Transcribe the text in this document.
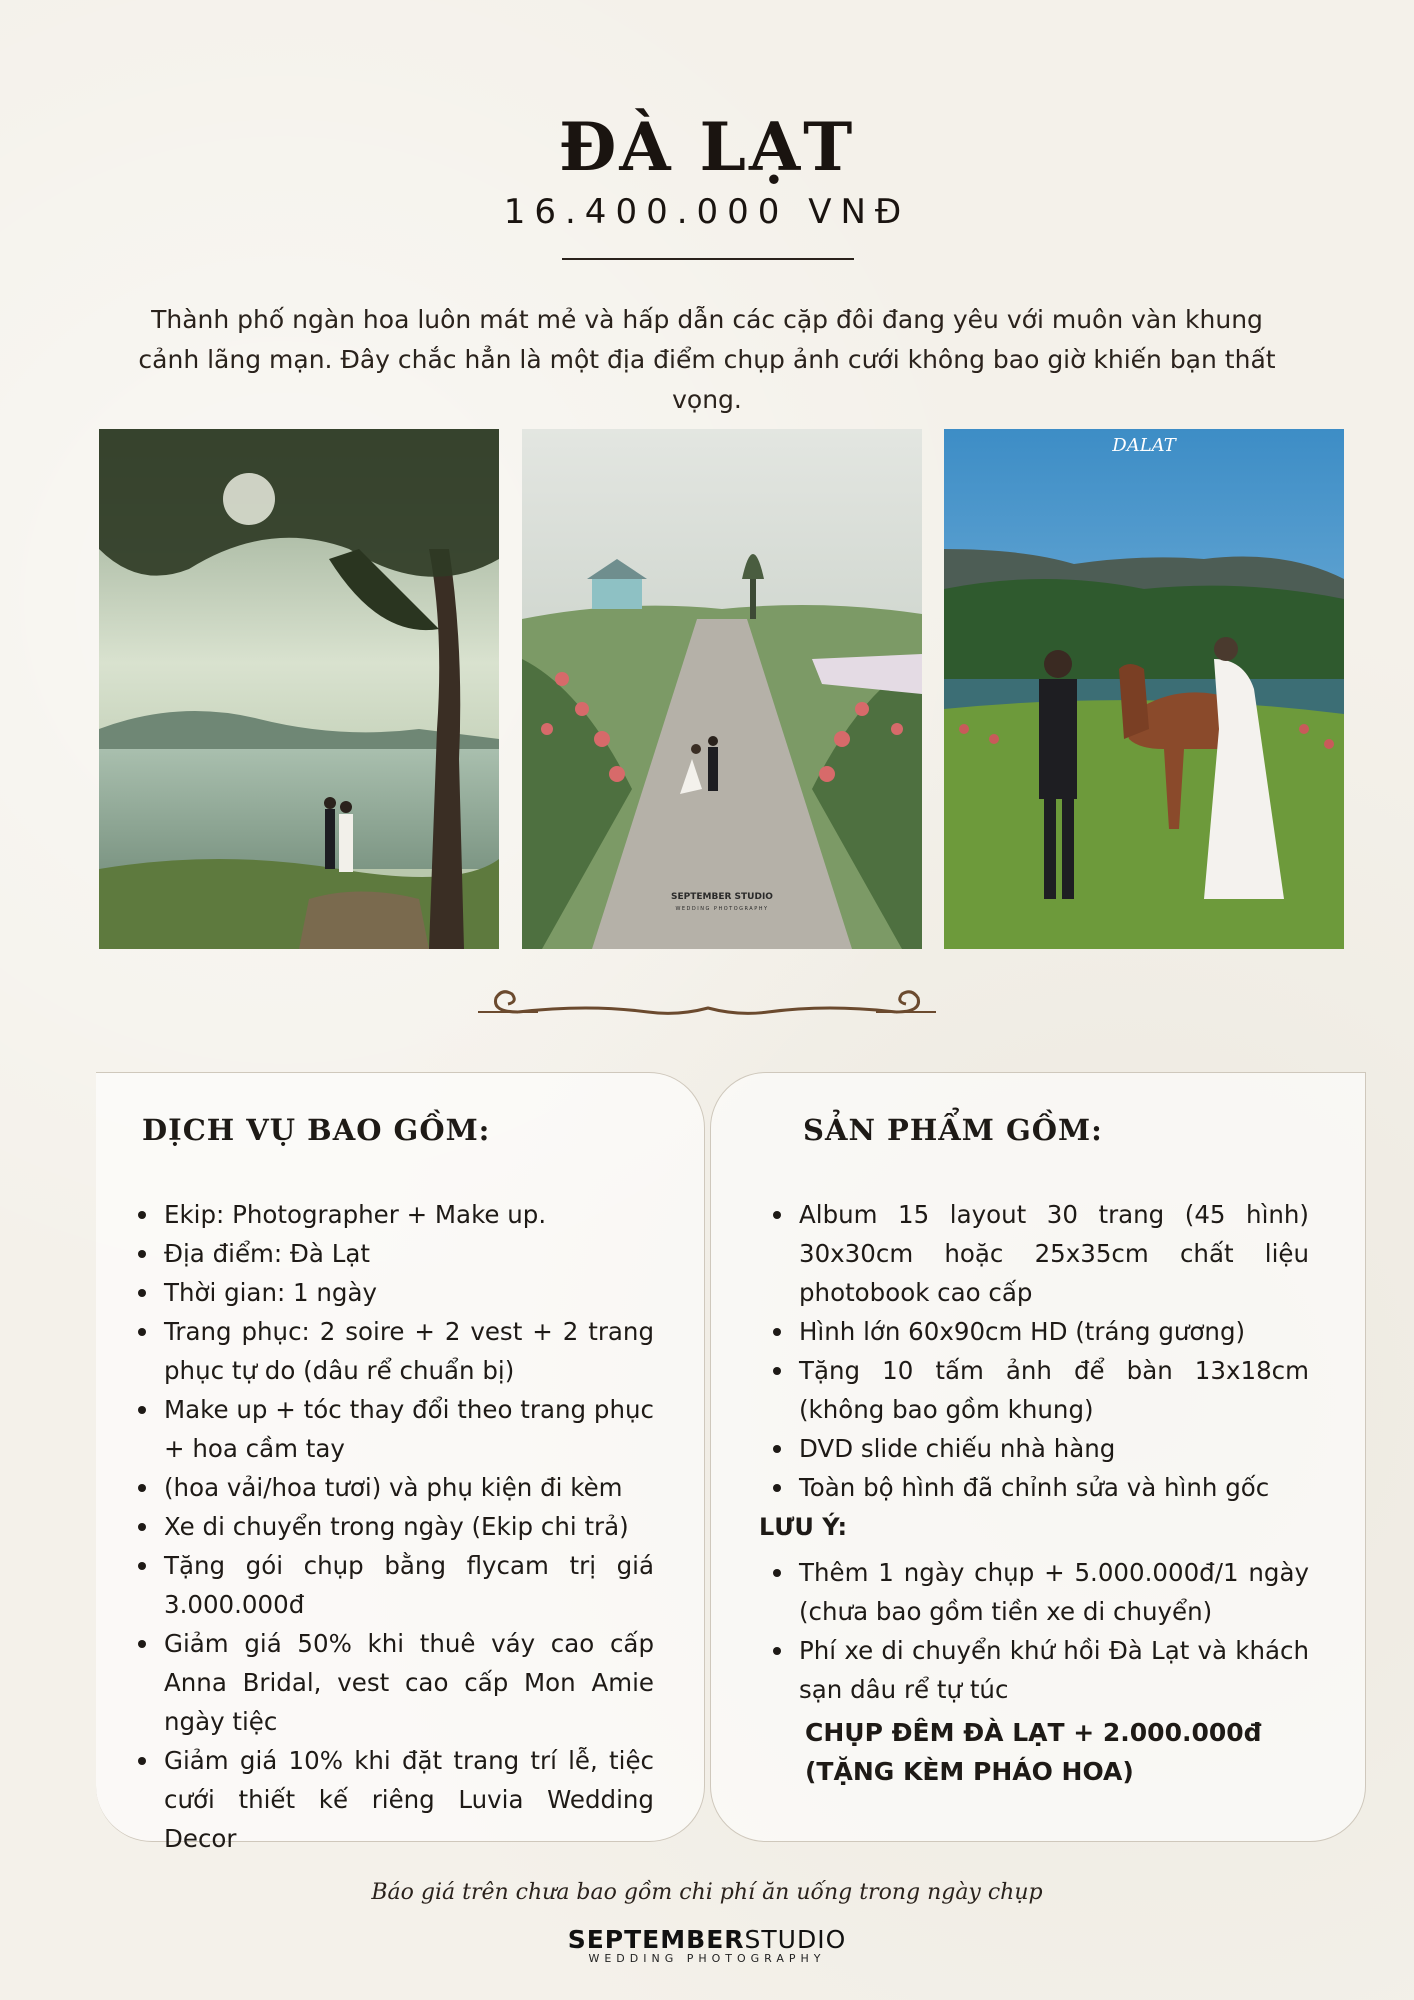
ĐÀ LẠT
16.400.000 VNĐ
Thành phố ngàn hoa luôn mát mẻ và hấp dẫn các cặp đôi đang yêu với muôn vàn khung cảnh lãng mạn. Đây chắc hẳn là một địa điểm chụp ảnh cưới không bao giờ khiến bạn thất vọng.
SEPTEMBER STUDIO
WEDDING PHOTOGRAPHY
DALAT
DỊCH VỤ BAO GỒM:
Ekip: Photographer + Make up.
Địa điểm: Đà Lạt
Thời gian: 1 ngày
Trang phục: 2 soire + 2 vest + 2 trang phục tự do (dâu rể chuẩn bị)
Make up + tóc thay đổi theo trang phục + hoa cầm tay
(hoa vải/hoa tươi) và phụ kiện đi kèm
Xe di chuyển trong ngày (Ekip chi trả)
Tặng gói chụp bằng flycam trị giá 3.000.000đ
Giảm giá 50% khi thuê váy cao cấp Anna Bridal, vest cao cấp Mon Amie ngày tiệc
Giảm giá 10% khi đặt trang trí lễ, tiệc cưới thiết kế riêng Luvia Wedding Decor
SẢN PHẨM GỒM:
Album 15 layout 30 trang (45 hình) 30x30cm hoặc 25x35cm chất liệu photobook cao cấp
Hình lớn 60x90cm HD (tráng gương)
Tặng 10 tấm ảnh để bàn 13x18cm (không bao gồm khung)
DVD slide chiếu nhà hàng
Toàn bộ hình đã chỉnh sửa và hình gốc
LƯU Ý:
Thêm 1 ngày chụp + 5.000.000đ/1 ngày (chưa bao gồm tiền xe di chuyển)
Phí xe di chuyển khứ hồi Đà Lạt và khách sạn dâu rể tự túc
CHỤP ĐÊM ĐÀ LẠT + 2.000.000đ
(TẶNG KÈM PHÁO HOA)
Báo giá trên chưa bao gồm chi phí ăn uống trong ngày chụp
SEPTEMBERSTUDIO
WEDDING PHOTOGRAPHY
